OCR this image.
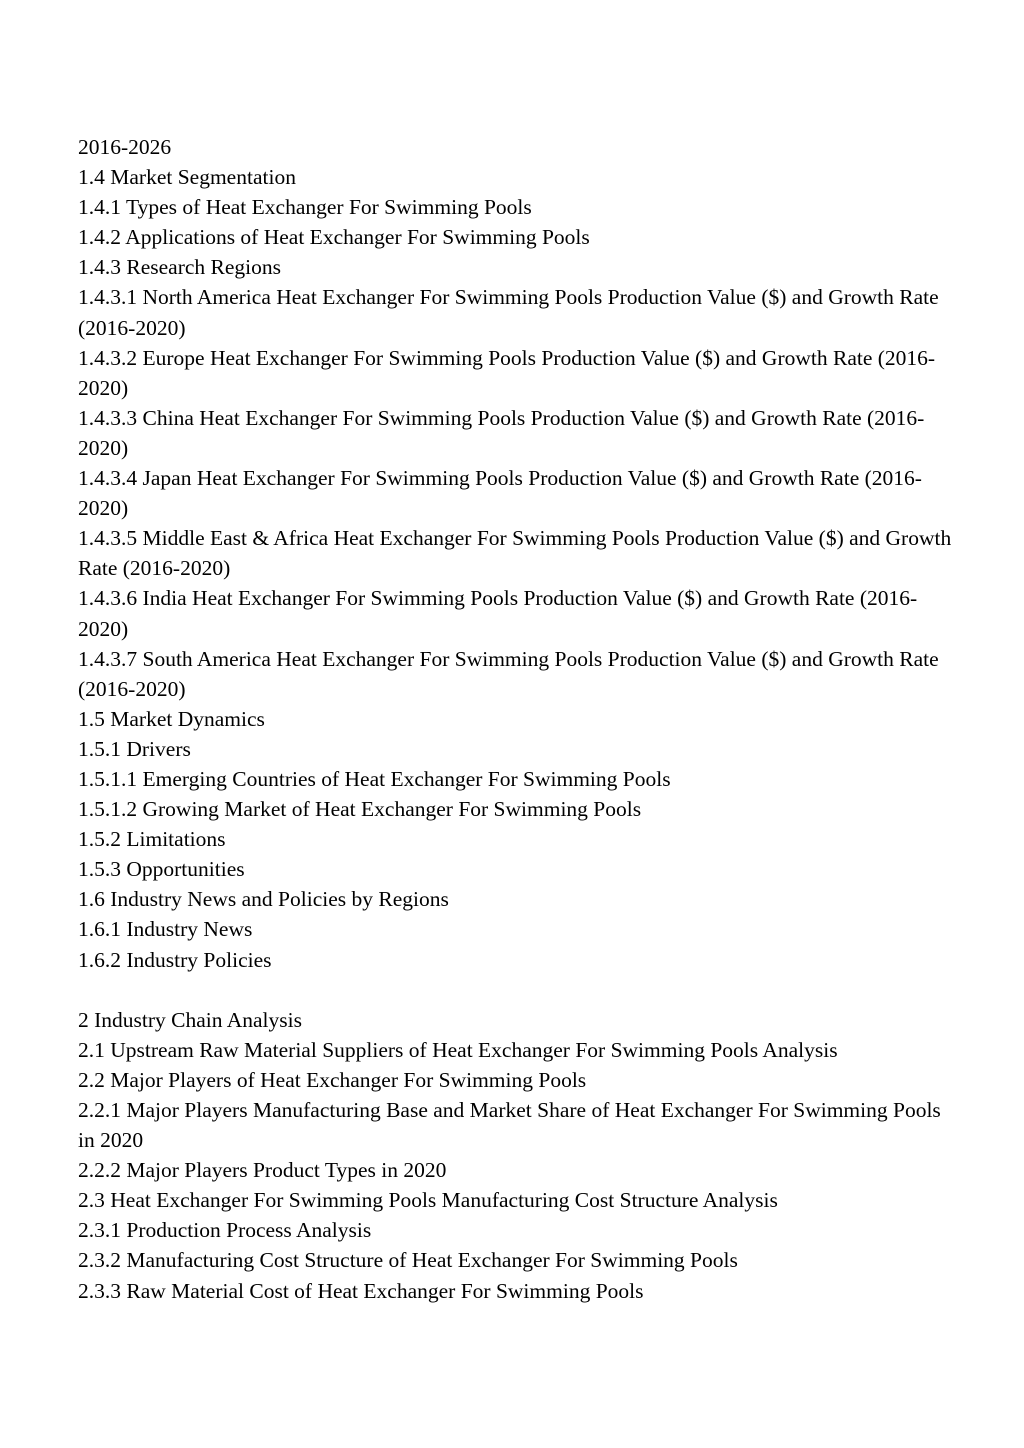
2016-2026
1.4 Market Segmentation
1.4.1 Types of Heat Exchanger For Swimming Pools
1.4.2 Applications of Heat Exchanger For Swimming Pools
1.4.3 Research Regions
1.4.3.1 North America Heat Exchanger For Swimming Pools Production Value ($) and Growth Rate (2016-2020)
1.4.3.2 Europe Heat Exchanger For Swimming Pools Production Value ($) and Growth Rate (2016-2020)
1.4.3.3 China Heat Exchanger For Swimming Pools Production Value ($) and Growth Rate (2016-2020)
1.4.3.4 Japan Heat Exchanger For Swimming Pools Production Value ($) and Growth Rate (2016-2020)
1.4.3.5 Middle East & Africa Heat Exchanger For Swimming Pools Production Value ($) and Growth Rate (2016-2020)
1.4.3.6 India Heat Exchanger For Swimming Pools Production Value ($) and Growth Rate (2016-2020)
1.4.3.7 South America Heat Exchanger For Swimming Pools Production Value ($) and Growth Rate (2016-2020)
1.5 Market Dynamics
1.5.1 Drivers
1.5.1.1 Emerging Countries of Heat Exchanger For Swimming Pools
1.5.1.2 Growing Market of Heat Exchanger For Swimming Pools
1.5.2 Limitations
1.5.3 Opportunities
1.6 Industry News and Policies by Regions
1.6.1 Industry News
1.6.2 Industry Policies
2 Industry Chain Analysis
2.1 Upstream Raw Material Suppliers of Heat Exchanger For Swimming Pools Analysis
2.2 Major Players of Heat Exchanger For Swimming Pools
2.2.1 Major Players Manufacturing Base and Market Share of Heat Exchanger For Swimming Pools in 2020
2.2.2 Major Players Product Types in 2020
2.3 Heat Exchanger For Swimming Pools Manufacturing Cost Structure Analysis
2.3.1 Production Process Analysis
2.3.2 Manufacturing Cost Structure of Heat Exchanger For Swimming Pools
2.3.3 Raw Material Cost of Heat Exchanger For Swimming Pools
